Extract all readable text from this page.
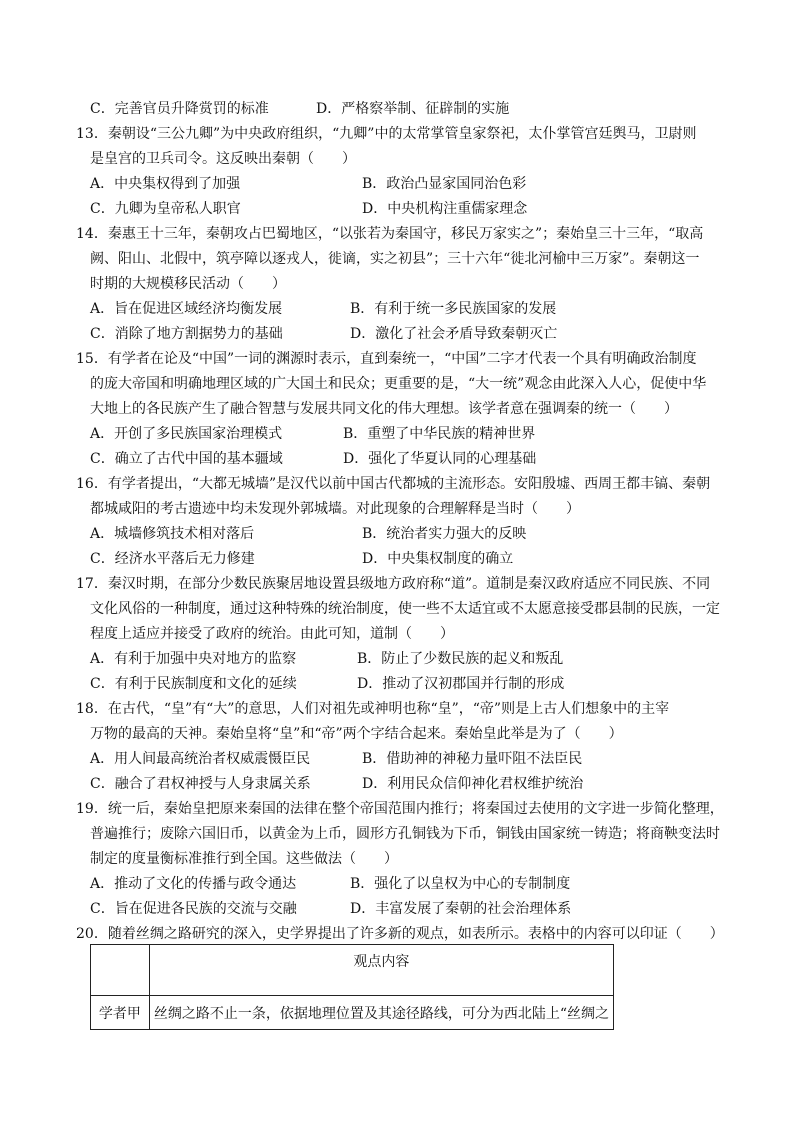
C．完善官员升降赏罚的标准	D．严格察举制、征辟制的实施
13．秦朝设“三公九卿”为中央政府组织，“九卿”中的太常掌管皇家祭祀，太仆掌管宫廷舆马，卫尉则
是皇宫的卫兵司令。这反映出秦朝（　　）
A．中央集权得到了加强	B．政治凸显家国同治色彩
C．九卿为皇帝私人职官	D．中央机构注重儒家理念
14．秦惠王十三年，秦朝攻占巴蜀地区，“以张若为秦国守，移民万家实之”；秦始皇三十三年，“取高
阙、阳山、北假中，筑亭障以逐戎人，徙谪，实之初县”；三十六年“徙北河榆中三万家”。秦朝这一
时期的大规模移民活动（　　）
A．旨在促进区域经济均衡发展	B．有利于统一多民族国家的发展
C．消除了地方割据势力的基础	D．激化了社会矛盾导致秦朝灭亡
15．有学者在论及“中国”一词的渊源时表示，直到秦统一，“中国”二字才代表一个具有明确政治制度
的庞大帝国和明确地理区域的广大国土和民众；更重要的是，“大一统”观念由此深入人心，促使中华
大地上的各民族产生了融合智慧与发展共同文化的伟大理想。该学者意在强调秦的统一（　　）
A．开创了多民族国家治理模式	B．重塑了中华民族的精神世界
C．确立了古代中国的基本疆域	D．强化了华夏认同的心理基础
16．有学者提出，“大都无城墙”是汉代以前中国古代都城的主流形态。安阳殷墟、西周王都丰镐、秦朝
都城咸阳的考古遗迹中均未发现外郭城墙。对此现象的合理解释是当时（　　）
A．城墙修筑技术相对落后	B．统治者实力强大的反映
C．经济水平落后无力修建	D．中央集权制度的确立
17．秦汉时期，在部分少数民族聚居地设置县级地方政府称“道”。道制是秦汉政府适应不同民族、不同
文化风俗的一种制度，通过这种特殊的统治制度，使一些不太适宜或不太愿意接受郡县制的民族，一定
程度上适应并接受了政府的统治。由此可知，道制（　　）
A．有利于加强中央对地方的监察	B．防止了少数民族的起义和叛乱
C．有利于民族制度和文化的延续	D．推动了汉初郡国并行制的形成
18．在古代，“皇”有“大”的意思，人们对祖先或神明也称“皇”，“帝”则是上古人们想象中的主宰
万物的最高的天神。秦始皇将“皇”和“帝”两个字结合起来。秦始皇此举是为了（　　）
A．用人间最高统治者权威震慑臣民	B．借助神的神秘力量吓阻不法臣民
C．融合了君权神授与人身隶属关系	D．利用民众信仰神化君权维护统治
19．统一后，秦始皇把原来秦国的法律在整个帝国范围内推行；将秦国过去使用的文字进一步简化整理，
普遍推行；废除六国旧币，以黄金为上币，圆形方孔铜钱为下币，铜钱由国家统一铸造；将商鞅变法时
制定的度量衡标准推行到全国。这些做法（　　）
A．推动了文化的传播与政令通达	B．强化了以皇权为中心的专制制度
C．旨在促进各民族的交流与交融	D．丰富发展了秦朝的社会治理体系
20．随着丝绸之路研究的深入，史学界提出了许多新的观点，如表所示。表格中的内容可以印证（　　）
	观点内容
学者甲	丝绸之路不止一条，依据地理位置及其途径路线，可分为西北陆上“丝绸之
